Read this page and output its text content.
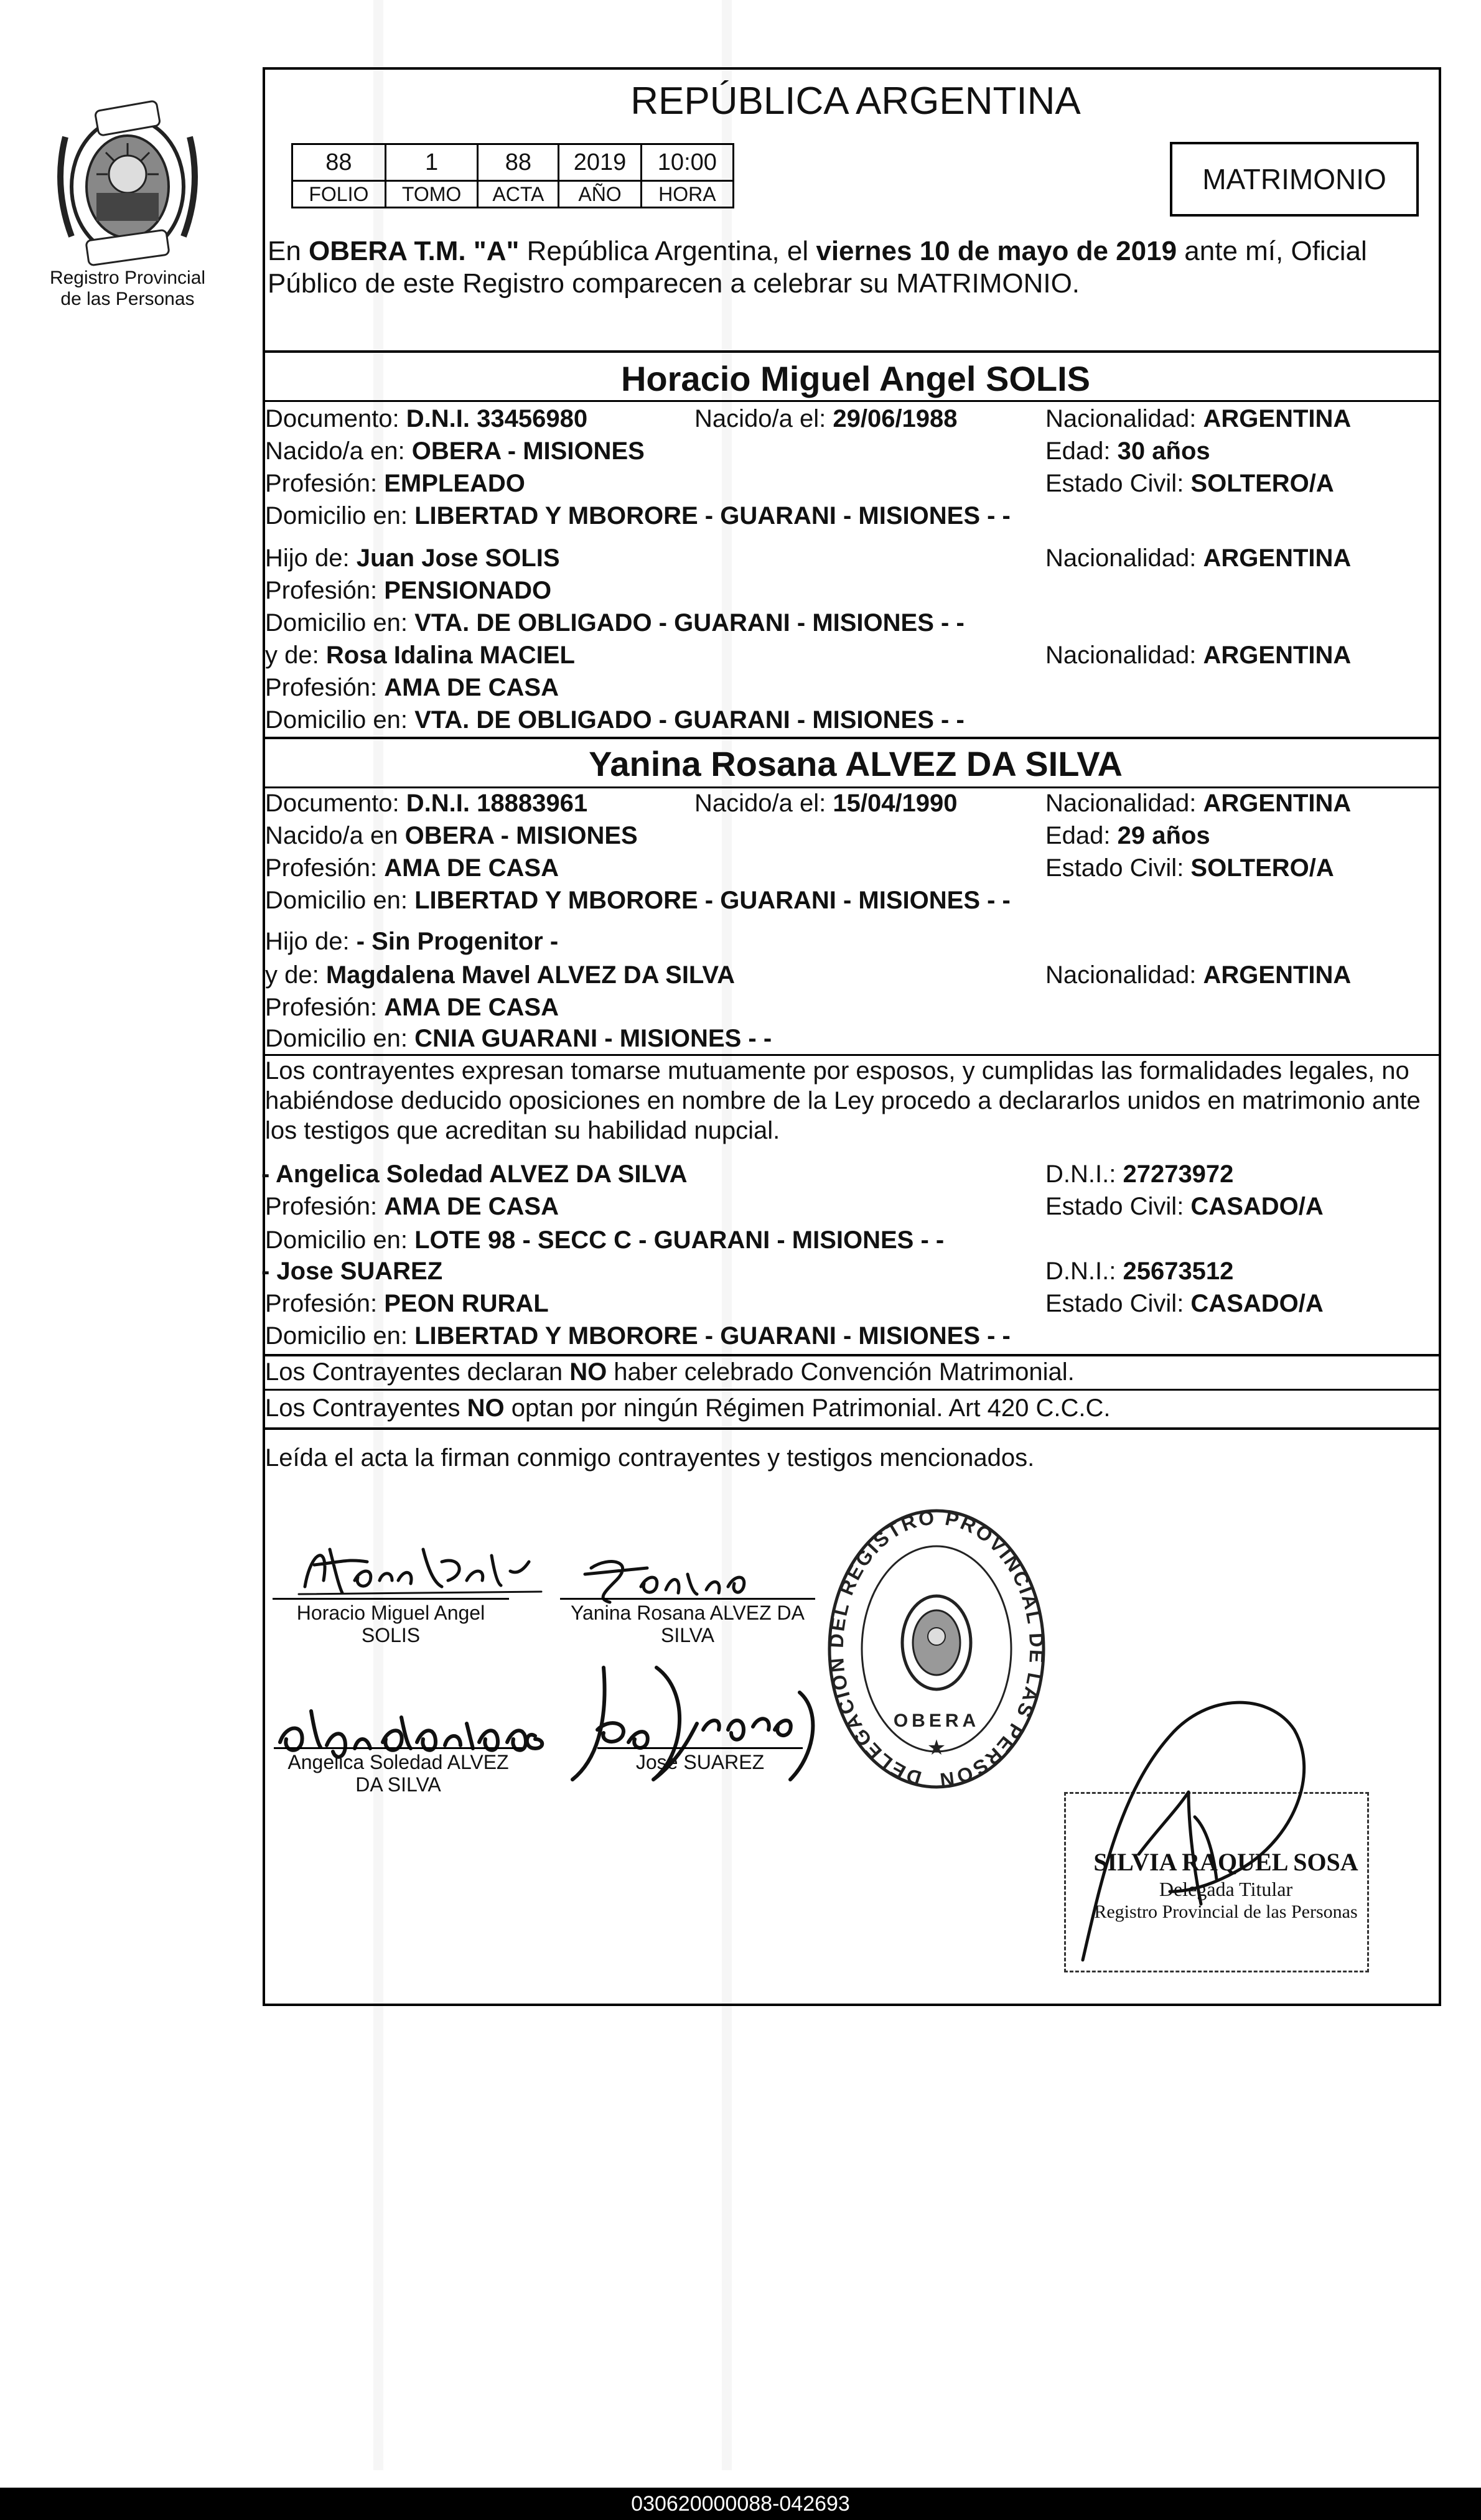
Registro Provincial
de las Personas
REPÚBLICA ARGENTINA
88	1	88	2019	10:00
FOLIO	TOMO	ACTA	AÑO	HORA	MATRIMONIO
En OBERA T.M. "A" República Argentina, el viernes 10 de mayo de 2019 ante mí, Oficial
Público de este Registro comparecen a celebrar su MATRIMONIO.
Horacio Miguel Angel SOLIS
Documento: D.N.I. 33456980	Nacido/a el: 29/06/1988	Nacionalidad: ARGENTINA
Nacido/a en: OBERA - MISIONES	Edad: 30 años
Profesión: EMPLEADO	Estado Civil: SOLTERO/A
Domicilio en: LIBERTAD Y MBORORE - GUARANI - MISIONES - -
Hijo de: Juan Jose SOLIS	Nacionalidad: ARGENTINA
Profesión: PENSIONADO
Domicilio en: VTA. DE OBLIGADO - GUARANI - MISIONES - -
y de: Rosa Idalina MACIEL	Nacionalidad: ARGENTINA
Profesión: AMA DE CASA
Domicilio en: VTA. DE OBLIGADO - GUARANI - MISIONES - -
Yanina Rosana ALVEZ DA SILVA
Documento: D.N.I. 18883961	Nacido/a el: 15/04/1990	Nacionalidad: ARGENTINA
Nacido/a en OBERA - MISIONES	Edad: 29 años
Profesión: AMA DE CASA	Estado Civil: SOLTERO/A
Domicilio en: LIBERTAD Y MBORORE - GUARANI - MISIONES - -
Hijo de: - Sin Progenitor -
y de: Magdalena Mavel ALVEZ DA SILVA	Nacionalidad: ARGENTINA
Profesión: AMA DE CASA
Domicilio en: CNIA GUARANI - MISIONES - -
Los contrayentes expresan tomarse mutuamente por esposos, y cumplidas las formalidades legales, no
habiéndose deducido oposiciones en nombre de la Ley procedo a declararlos unidos en matrimonio ante
los testigos que acreditan su habilidad nupcial.
- Angelica Soledad ALVEZ DA SILVA	D.N.I.: 27273972
Profesión: AMA DE CASA	Estado Civil: CASADO/A
Domicilio en: LOTE 98 - SECC C - GUARANI - MISIONES - -
- Jose SUAREZ	D.N.I.: 25673512
Profesión: PEON RURAL	Estado Civil: CASADO/A
Domicilio en: LIBERTAD Y MBORORE - GUARANI - MISIONES - -
Los Contrayentes declaran NO haber celebrado Convención Matrimonial.
Los Contrayentes NO optan por ningún Régimen Patrimonial. Art 420 C.C.C.
Leída el acta la firman conmigo contrayentes y testigos mencionados.
Horacio Miguel Angel
SOLIS
Yanina Rosana ALVEZ DA
SILVA
Angelica Soledad ALVEZ
DA SILVA
Jose SUAREZ
DELEGACION DEL REGISTRO PROVINCIAL DE LAS PERSON
OBERA
★
SILVIA RAQUEL SOSA
Delegada Titular
Registro Provincial de las Personas
030620000088-042693
